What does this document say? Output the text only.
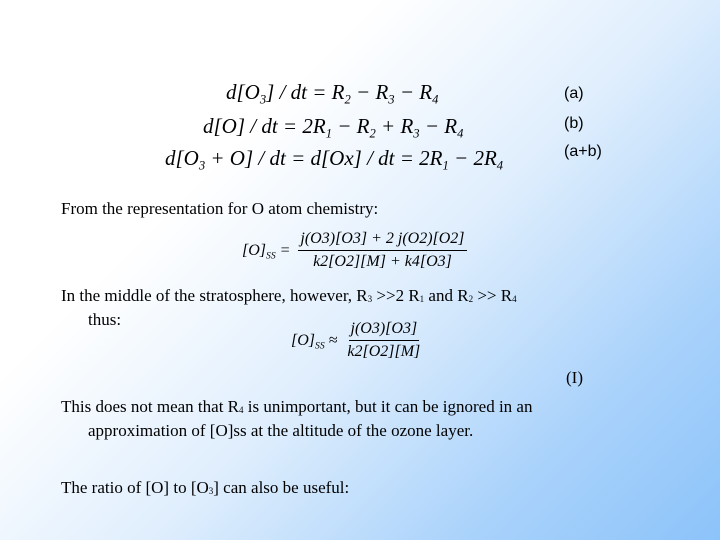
$d[O_3]$ / dt = $R_2 - R_3 - R_4$	(a)
d[O] / dt = $2R_1 - R_2 + R_3 - R_4$
(b)
$d[O_3 + O]$ / dt = d[Ox] / dt = $2R_1 - 2R_4$
(a+b)
From the representation for O atom chemistry:
$[O]_{SS} = \frac{j(O3)[O3] + 2 j(O2)[O2]}{k2[O2][M] + k4[O3]}$
In the middle of the stratosphere, however, R3 >>2 R1 and R2 >> R4
thus:
$[O]_{SS} \approx \frac{j(O3)[O3]}{k2[O2][M]}$
(I)
This does not mean that R4 is unimportant, but it can be ignored in an
approximation of [O]ss at the altitude of the ozone layer.
The ratio of [O] to [O3] can also be useful:
